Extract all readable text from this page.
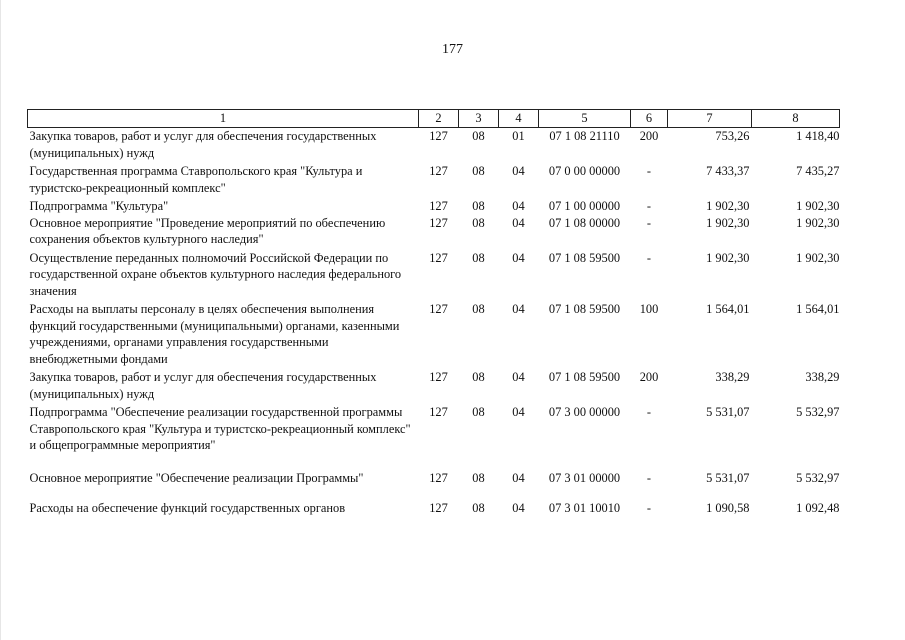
177
1	2	3	4	5	6	7	8
Закупка товаров, работ и услуг для обеспечения государственных (муниципальных) нужд	127	08	01	07 1 08 21110	200	753,26	1 418,40
Государственная программа Ставропольского края "Культура и туристско-рекреационный комплекс"	127	08	04	07 0 00 00000	-	7 433,37	7 435,27
Подпрограмма "Культура"	127	08	04	07 1 00 00000	-	1 902,30	1 902,30
Основное мероприятие "Проведение мероприятий по обеспечению сохранения объектов культурного наследия"	127	08	04	07 1 08 00000	-	1 902,30	1 902,30
Осуществление переданных полномочий Российской Федерации по государственной охране объектов культурного наследия федерального значения	127	08	04	07 1 08 59500	-	1 902,30	1 902,30
Расходы на выплаты персоналу в целях обеспечения выполнения функций государственными (муниципальными) органами, казенными учреждениями, органами управления государственными внебюджетными фондами	127	08	04	07 1 08 59500	100	1 564,01	1 564,01
Закупка товаров, работ и услуг для обеспечения государственных (муниципальных) нужд	127	08	04	07 1 08 59500	200	338,29	338,29
Подпрограмма "Обеспечение реализации государственной программы Ставропольского края "Культура и туристско-рекреационный комплекс" и общепрограммные мероприятия"	127	08	04	07 3 00 00000	-	5 531,07	5 532,97
Основное мероприятие "Обеспечение реализации Программы"	127	08	04	07 3 01 00000	-	5 531,07	5 532,97
Расходы на обеспечение функций государственных органов	127	08	04	07 3 01 10010	-	1 090,58	1 092,48
